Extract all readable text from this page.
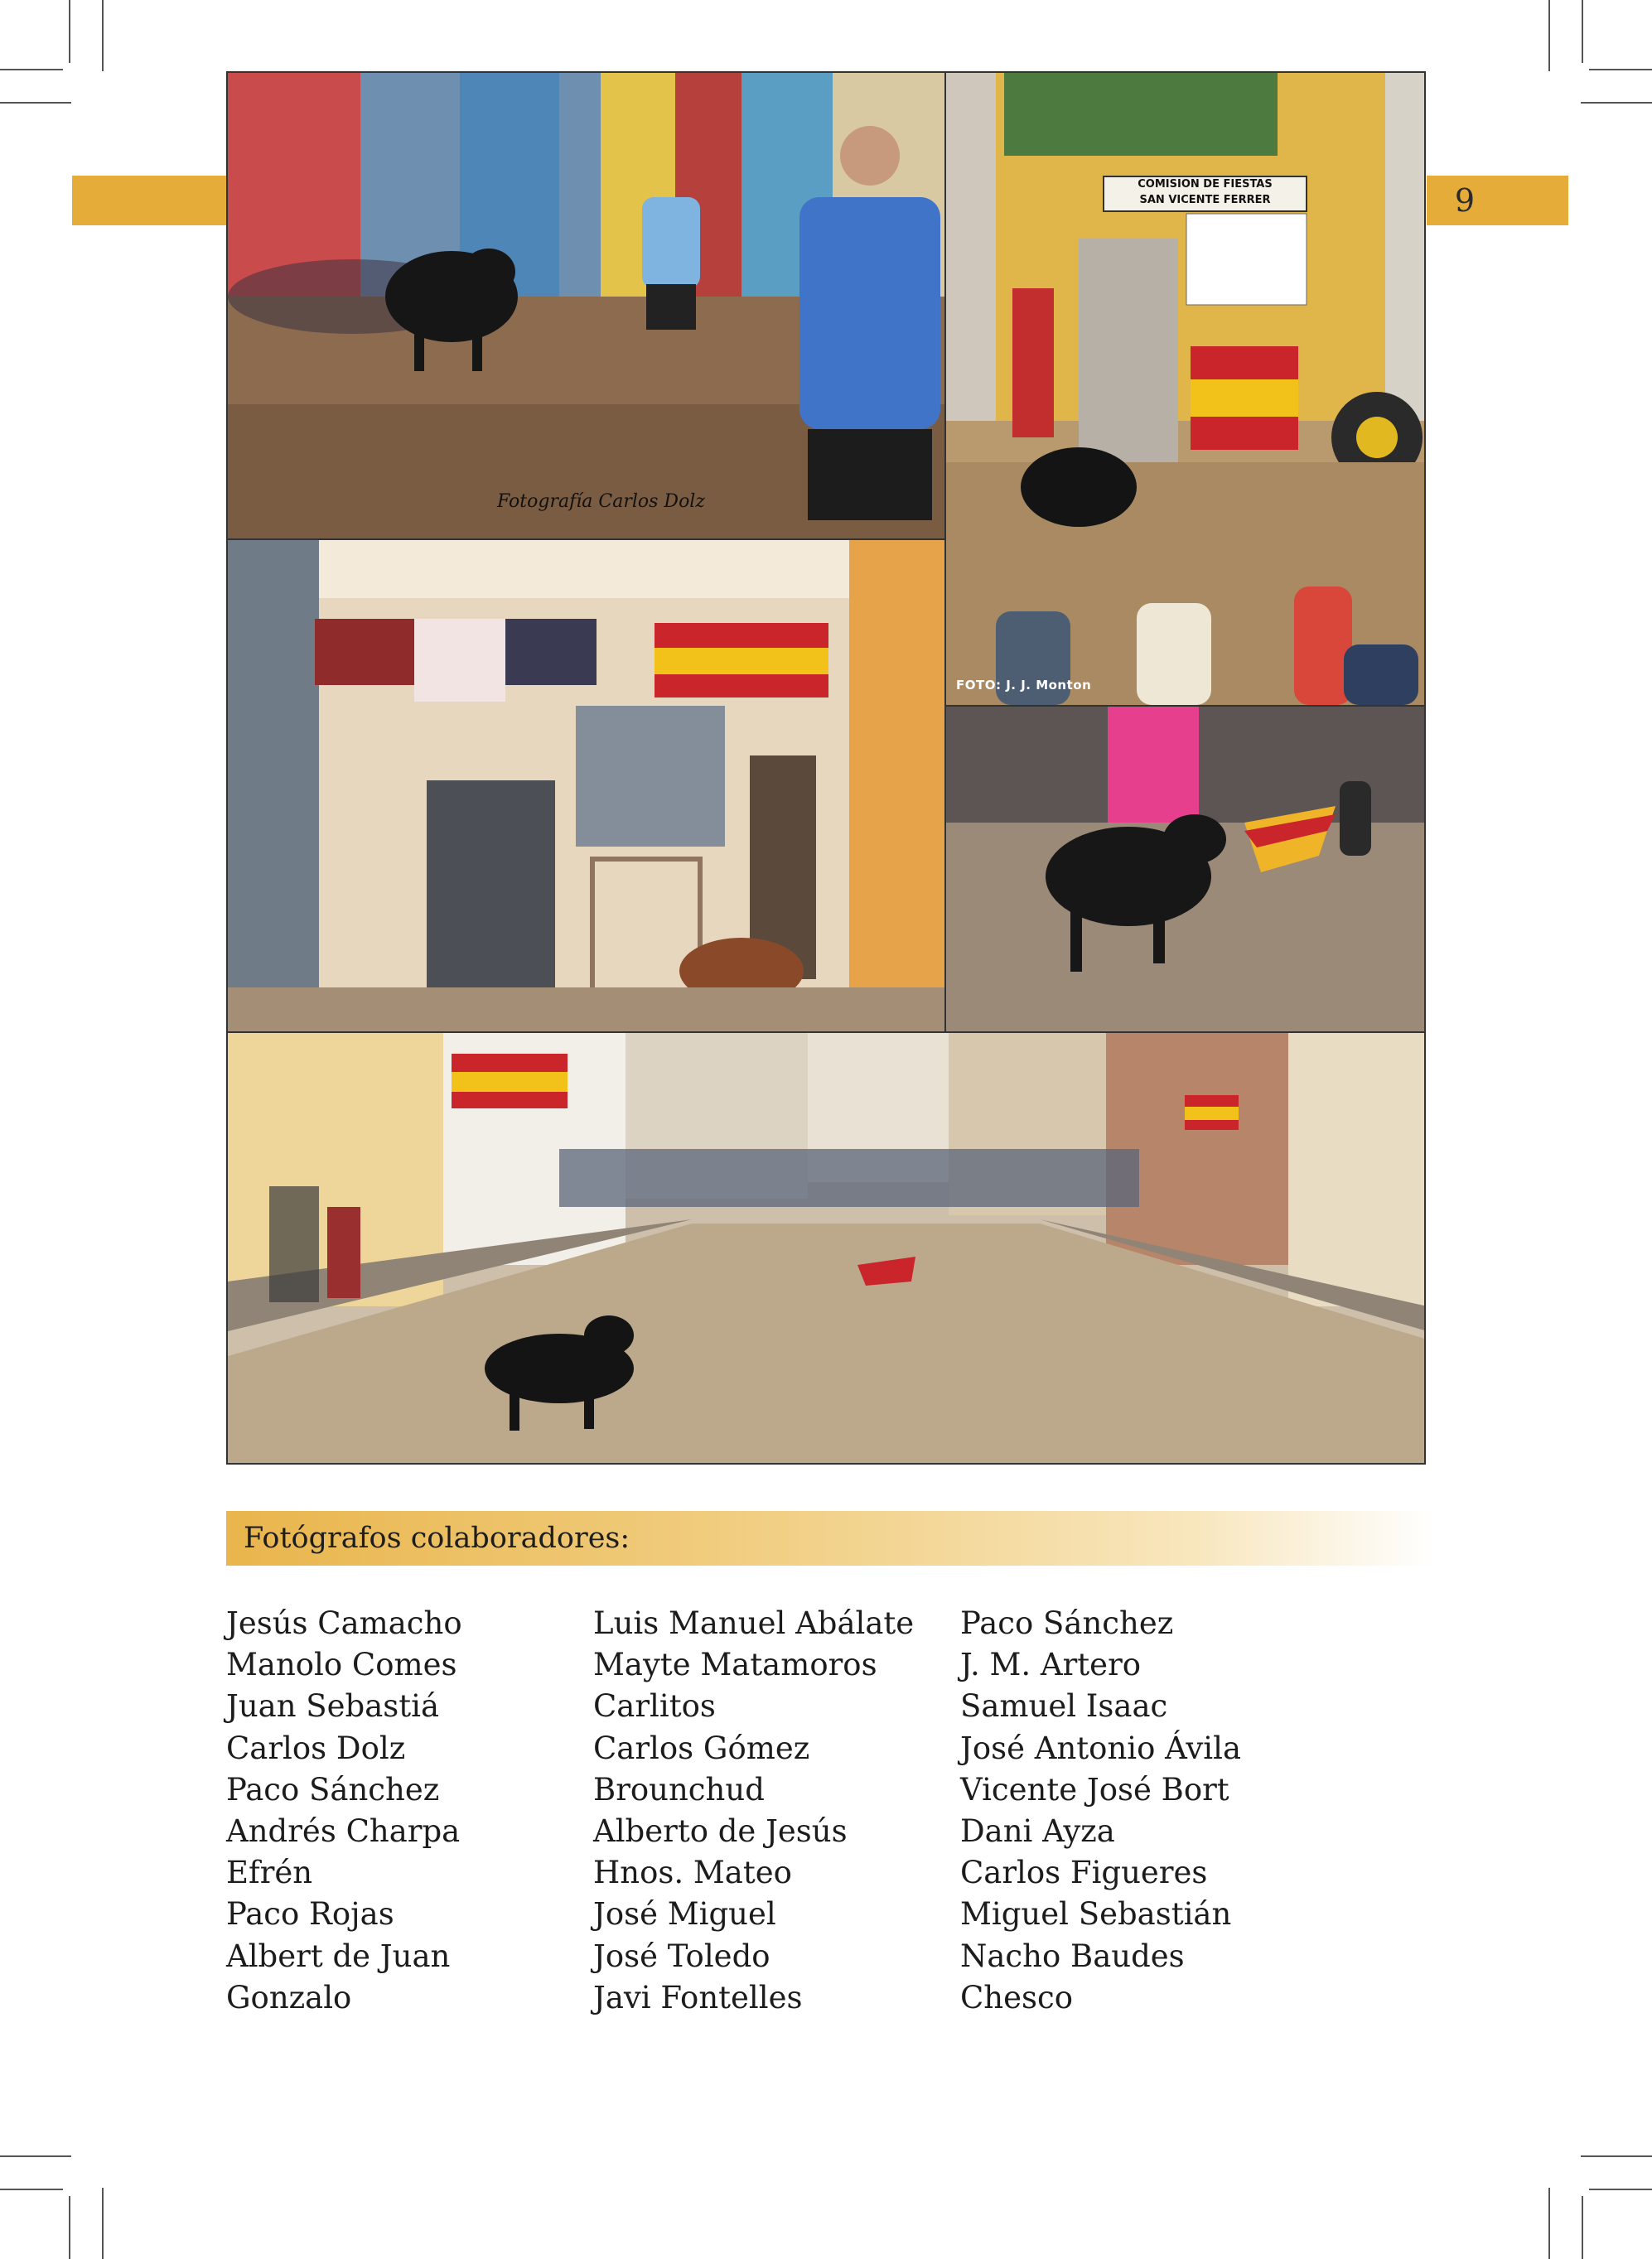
9
Fotografía Carlos Dolz
COMISION DE FIESTAS
SAN VICENTE FERRER
FOTO: J. J. Monton
Fotógrafos colaboradores:
Jesús Camacho
Manolo Comes
Juan Sebastiá
Carlos Dolz
Paco Sánchez
Andrés Charpa
Efrén
Paco Rojas
Albert de Juan
Gonzalo
Luis Manuel Abálate
Mayte Matamoros
Carlitos
Carlos Gómez
Brounchud
Alberto de Jesús
Hnos. Mateo
José Miguel
José Toledo
Javi Fontelles
Paco Sánchez
J. M. Artero
Samuel Isaac
José Antonio Ávila
Vicente José Bort
Dani Ayza
Carlos Figueres
Miguel Sebastián
Nacho Baudes
Chesco
